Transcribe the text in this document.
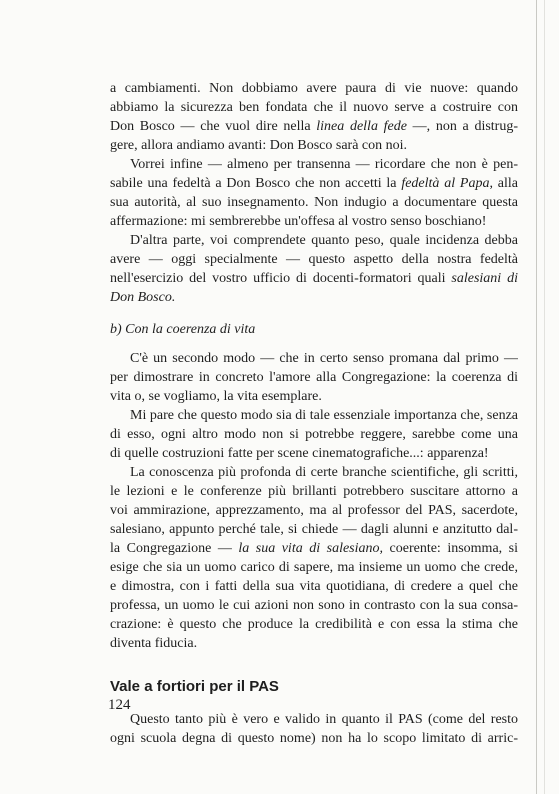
a cambiamenti. Non dobbiamo avere paura di vie nuove: quando
abbiamo la sicurezza ben fondata che il nuovo serve a costruire con
Don Bosco — che vuol dire nella linea della fede —, non a distrug-
gere, allora andiamo avanti: Don Bosco sarà con noi.

Vorrei infine — almeno per transenna — ricordare che non è pen-
sabile una fedeltà a Don Bosco che non accetti la fedeltà al Papa, alla
sua autorità, al suo insegnamento. Non indugio a documentare questa
affermazione: mi sembrerebbe un'offesa al vostro senso boschiano!

D'altra parte, voi comprendete quanto peso, quale incidenza debba
avere — oggi specialmente — questo aspetto della nostra fedeltà
nell'esercizio del vostro ufficio di docenti-formatori quali salesiani di
Don Bosco.

b) Con la coerenza di vita

C'è un secondo modo — che in certo senso promana dal primo —
per dimostrare in concreto l'amore alla Congregazione: la coerenza di
vita o, se vogliamo, la vita esemplare.

Mi pare che questo modo sia di tale essenziale importanza che, senza
di esso, ogni altro modo non si potrebbe reggere, sarebbe come una
di quelle costruzioni fatte per scene cinematografiche...: apparenza!

La conoscenza più profonda di certe branche scientifiche, gli scritti,
le lezioni e le conferenze più brillanti potrebbero suscitare attorno a
voi ammirazione, apprezzamento, ma al professor del PAS, sacerdote,
salesiano, appunto perché tale, si chiede — dagli alunni e anzitutto dal-
la Congregazione — la sua vita di salesiano, coerente: insomma, si
esige che sia un uomo carico di sapere, ma insieme un uomo che crede,
e dimostra, con i fatti della sua vita quotidiana, di credere a quel che
professa, un uomo le cui azioni non sono in contrasto con la sua consa-
crazione: è questo che produce la credibilità e con essa la stima che
diventa fiducia.

Vale a fortiori per il PAS

Questo tanto più è vero e valido in quanto il PAS (come del resto
ogni scuola degna di questo nome) non ha lo scopo limitato di arric-

124
